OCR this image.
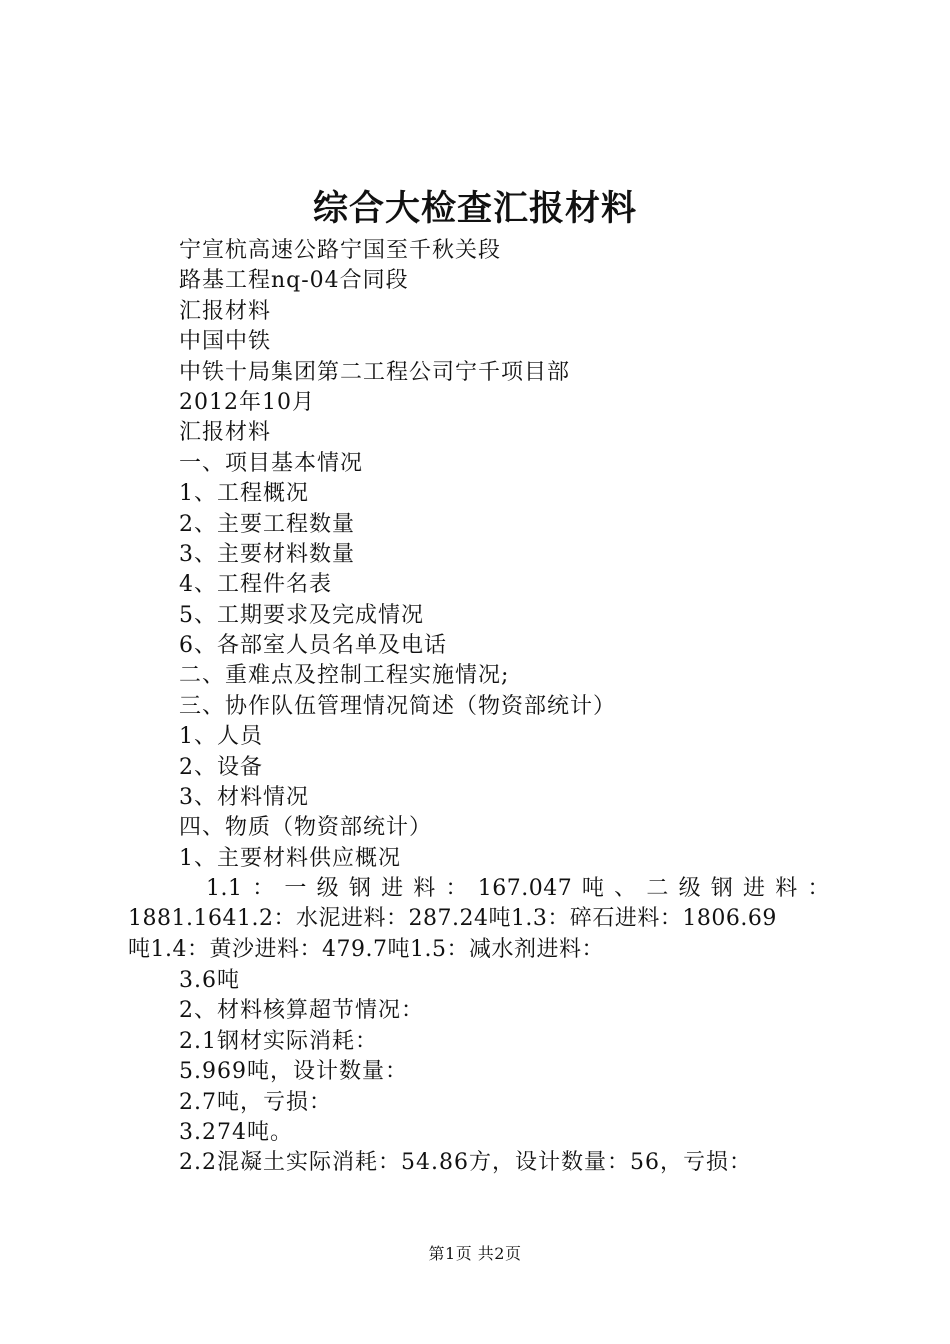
综合大检查汇报材料
宁宣杭高速公路宁国至千秋关段
路基工程nq-04合同段
汇报材料
中国中铁
中铁十局集团第二工程公司宁千项目部
2012年10月
汇报材料
一、项目基本情况
1、工程概况
2、主要工程数量
3、主要材料数量
4、工程件名表
5、工期要求及完成情况
6、各部室人员名单及电话
二、重难点及控制工程实施情况;
三、协作队伍管理情况简述（物资部统计）
1、人员
2、设备
3、材料情况
四、物质（物资部统计）
1、主要材料供应概况
1.1 ： 一 级 钢 进 料 ： 167.047 吨 、 二 级 钢 进 料 ：
1881.1641.2：水泥进料：287.24吨1.3：碎石进料：1806.69
吨1.4：黄沙进料：479.7吨1.5：减水剂进料：
3.6吨
2、材料核算超节情况：
2.1钢材实际消耗：
5.969吨，设计数量：
2.7吨，亏损：
3.274吨。
2.2混凝土实际消耗：54.86方，设计数量：56，亏损：
第1页 共2页
